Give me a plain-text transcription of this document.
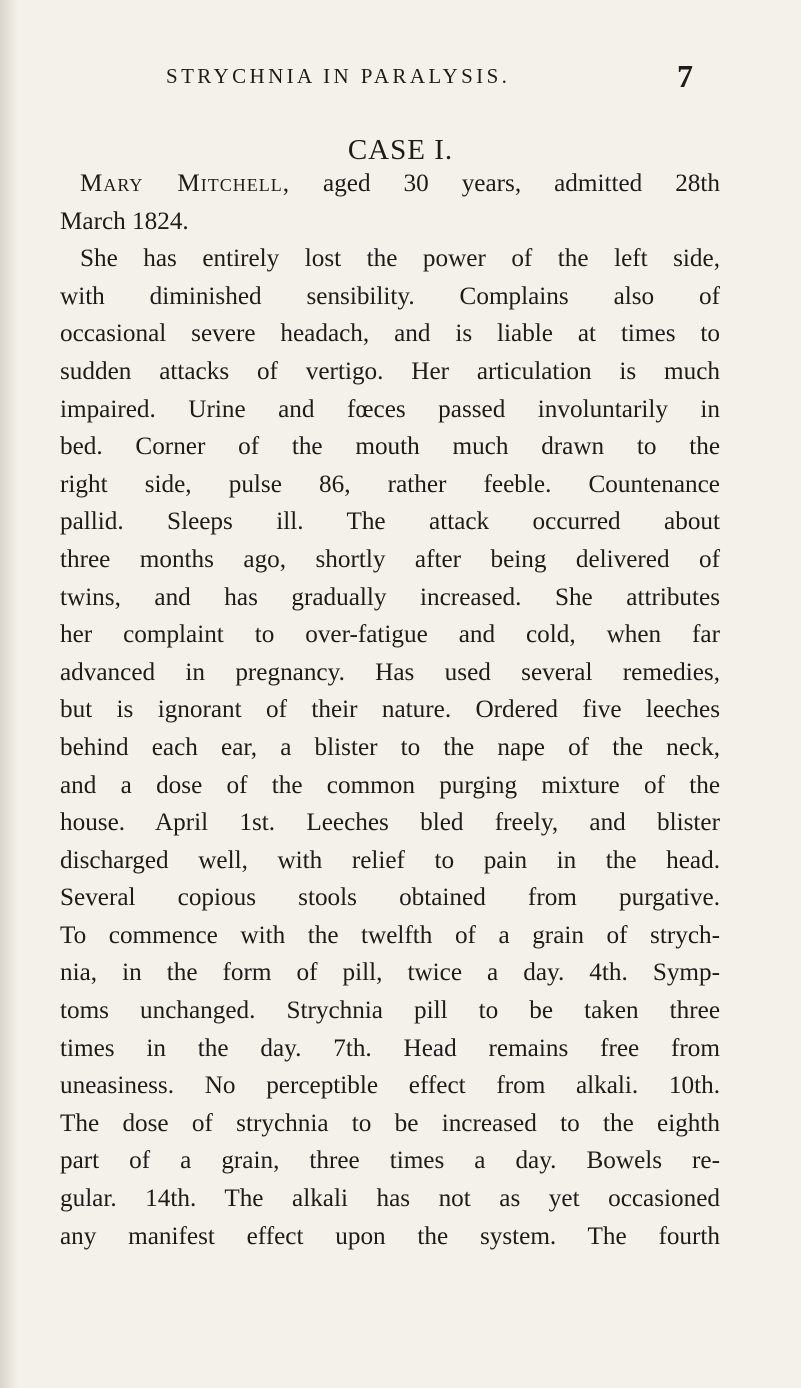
STRYCHNIA IN PARALYSIS.	7
CASE I.
Mary Mitchell, aged 30 years, admitted 28th
March 1824.
She has entirely lost the power of the left side,
with diminished sensibility. Complains also of
occasional severe headach, and is liable at times to
sudden attacks of vertigo. Her articulation is much
impaired. Urine and fœces passed involuntarily in
bed. Corner of the mouth much drawn to the
right side, pulse 86, rather feeble. Countenance
pallid. Sleeps ill. The attack occurred about
three months ago, shortly after being delivered of
twins, and has gradually increased. She attributes
her complaint to over-fatigue and cold, when far
advanced in pregnancy. Has used several remedies,
but is ignorant of their nature. Ordered five leeches
behind each ear, a blister to the nape of the neck,
and a dose of the common purging mixture of the
house. April 1st. Leeches bled freely, and blister
discharged well, with relief to pain in the head.
Several copious stools obtained from purgative.
To commence with the twelfth of a grain of strych-
nia, in the form of pill, twice a day. 4th. Symp-
toms unchanged. Strychnia pill to be taken three
times in the day. 7th. Head remains free from
uneasiness. No perceptible effect from alkali. 10th.
The dose of strychnia to be increased to the eighth
part of a grain, three times a day. Bowels re-
gular. 14th. The alkali has not as yet occasioned
any manifest effect upon the system. The fourth
